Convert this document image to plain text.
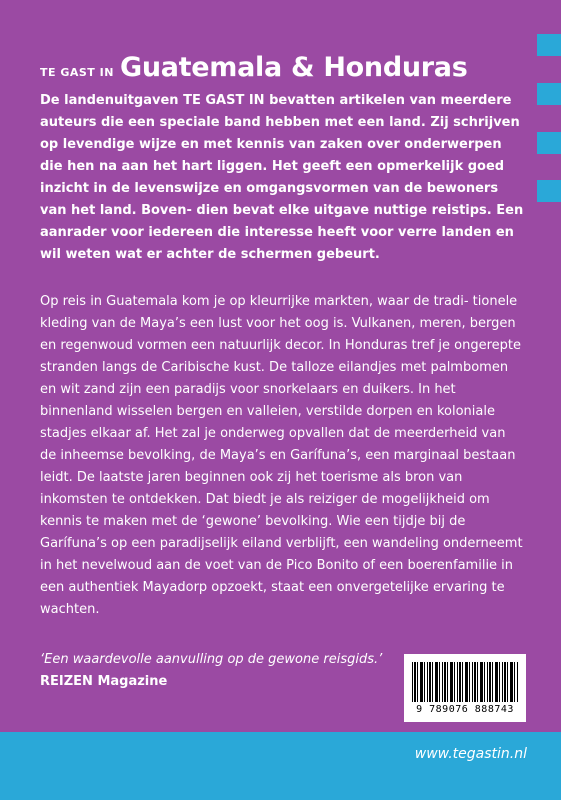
TE GAST IN Guatemala & Honduras

De landenuitgaven TE GAST IN bevatten artikelen van meerdere auteurs die een speciale band hebben met een land. Zij schrijven op levendige wijze en met kennis van zaken over onderwerpen die hen na aan het hart liggen. Het geeft een opmerkelijk goed inzicht in de levenswijze en omgangsvormen van de bewoners van het land. Boven- dien bevat elke uitgave nuttige reistips. Een aanrader voor iedereen die interesse heeft voor verre landen en wil weten wat er achter de schermen gebeurt.

Op reis in Guatemala kom je op kleurrijke markten, waar de tradi- tionele kleding van de Maya’s een lust voor het oog is. Vulkanen, meren, bergen en regenwoud vormen een natuurlijk decor. In Honduras tref je ongerepte stranden langs de Caribische kust. De talloze eilandjes met palmbomen en wit zand zijn een paradijs voor snorkelaars en duikers. In het binnenland wisselen bergen en valleien, verstilde dorpen en koloniale stadjes elkaar af. Het zal je onderweg opvallen dat de meerderheid van de inheemse bevolking, de Maya’s en Garífuna’s, een marginaal bestaan leidt. De laatste jaren beginnen ook zij het toerisme als bron van inkomsten te ontdekken. Dat biedt je als reiziger de mogelijkheid om kennis te maken met de ‘gewone’ bevolking. Wie een tijdje bij de Garífuna’s op een paradijselijk eiland verblijft, een wandeling onderneemt in het nevelwoud aan de voet van de Pico Bonito of een boerenfamilie in een authentiek Mayadorp opzoekt, staat een onvergetelijke ervaring te wachten.

‘Een waardevolle aanvulling op de gewone reisgids.’

REIZEN Magazine

9 789076 888743

www.tegastin.nl
